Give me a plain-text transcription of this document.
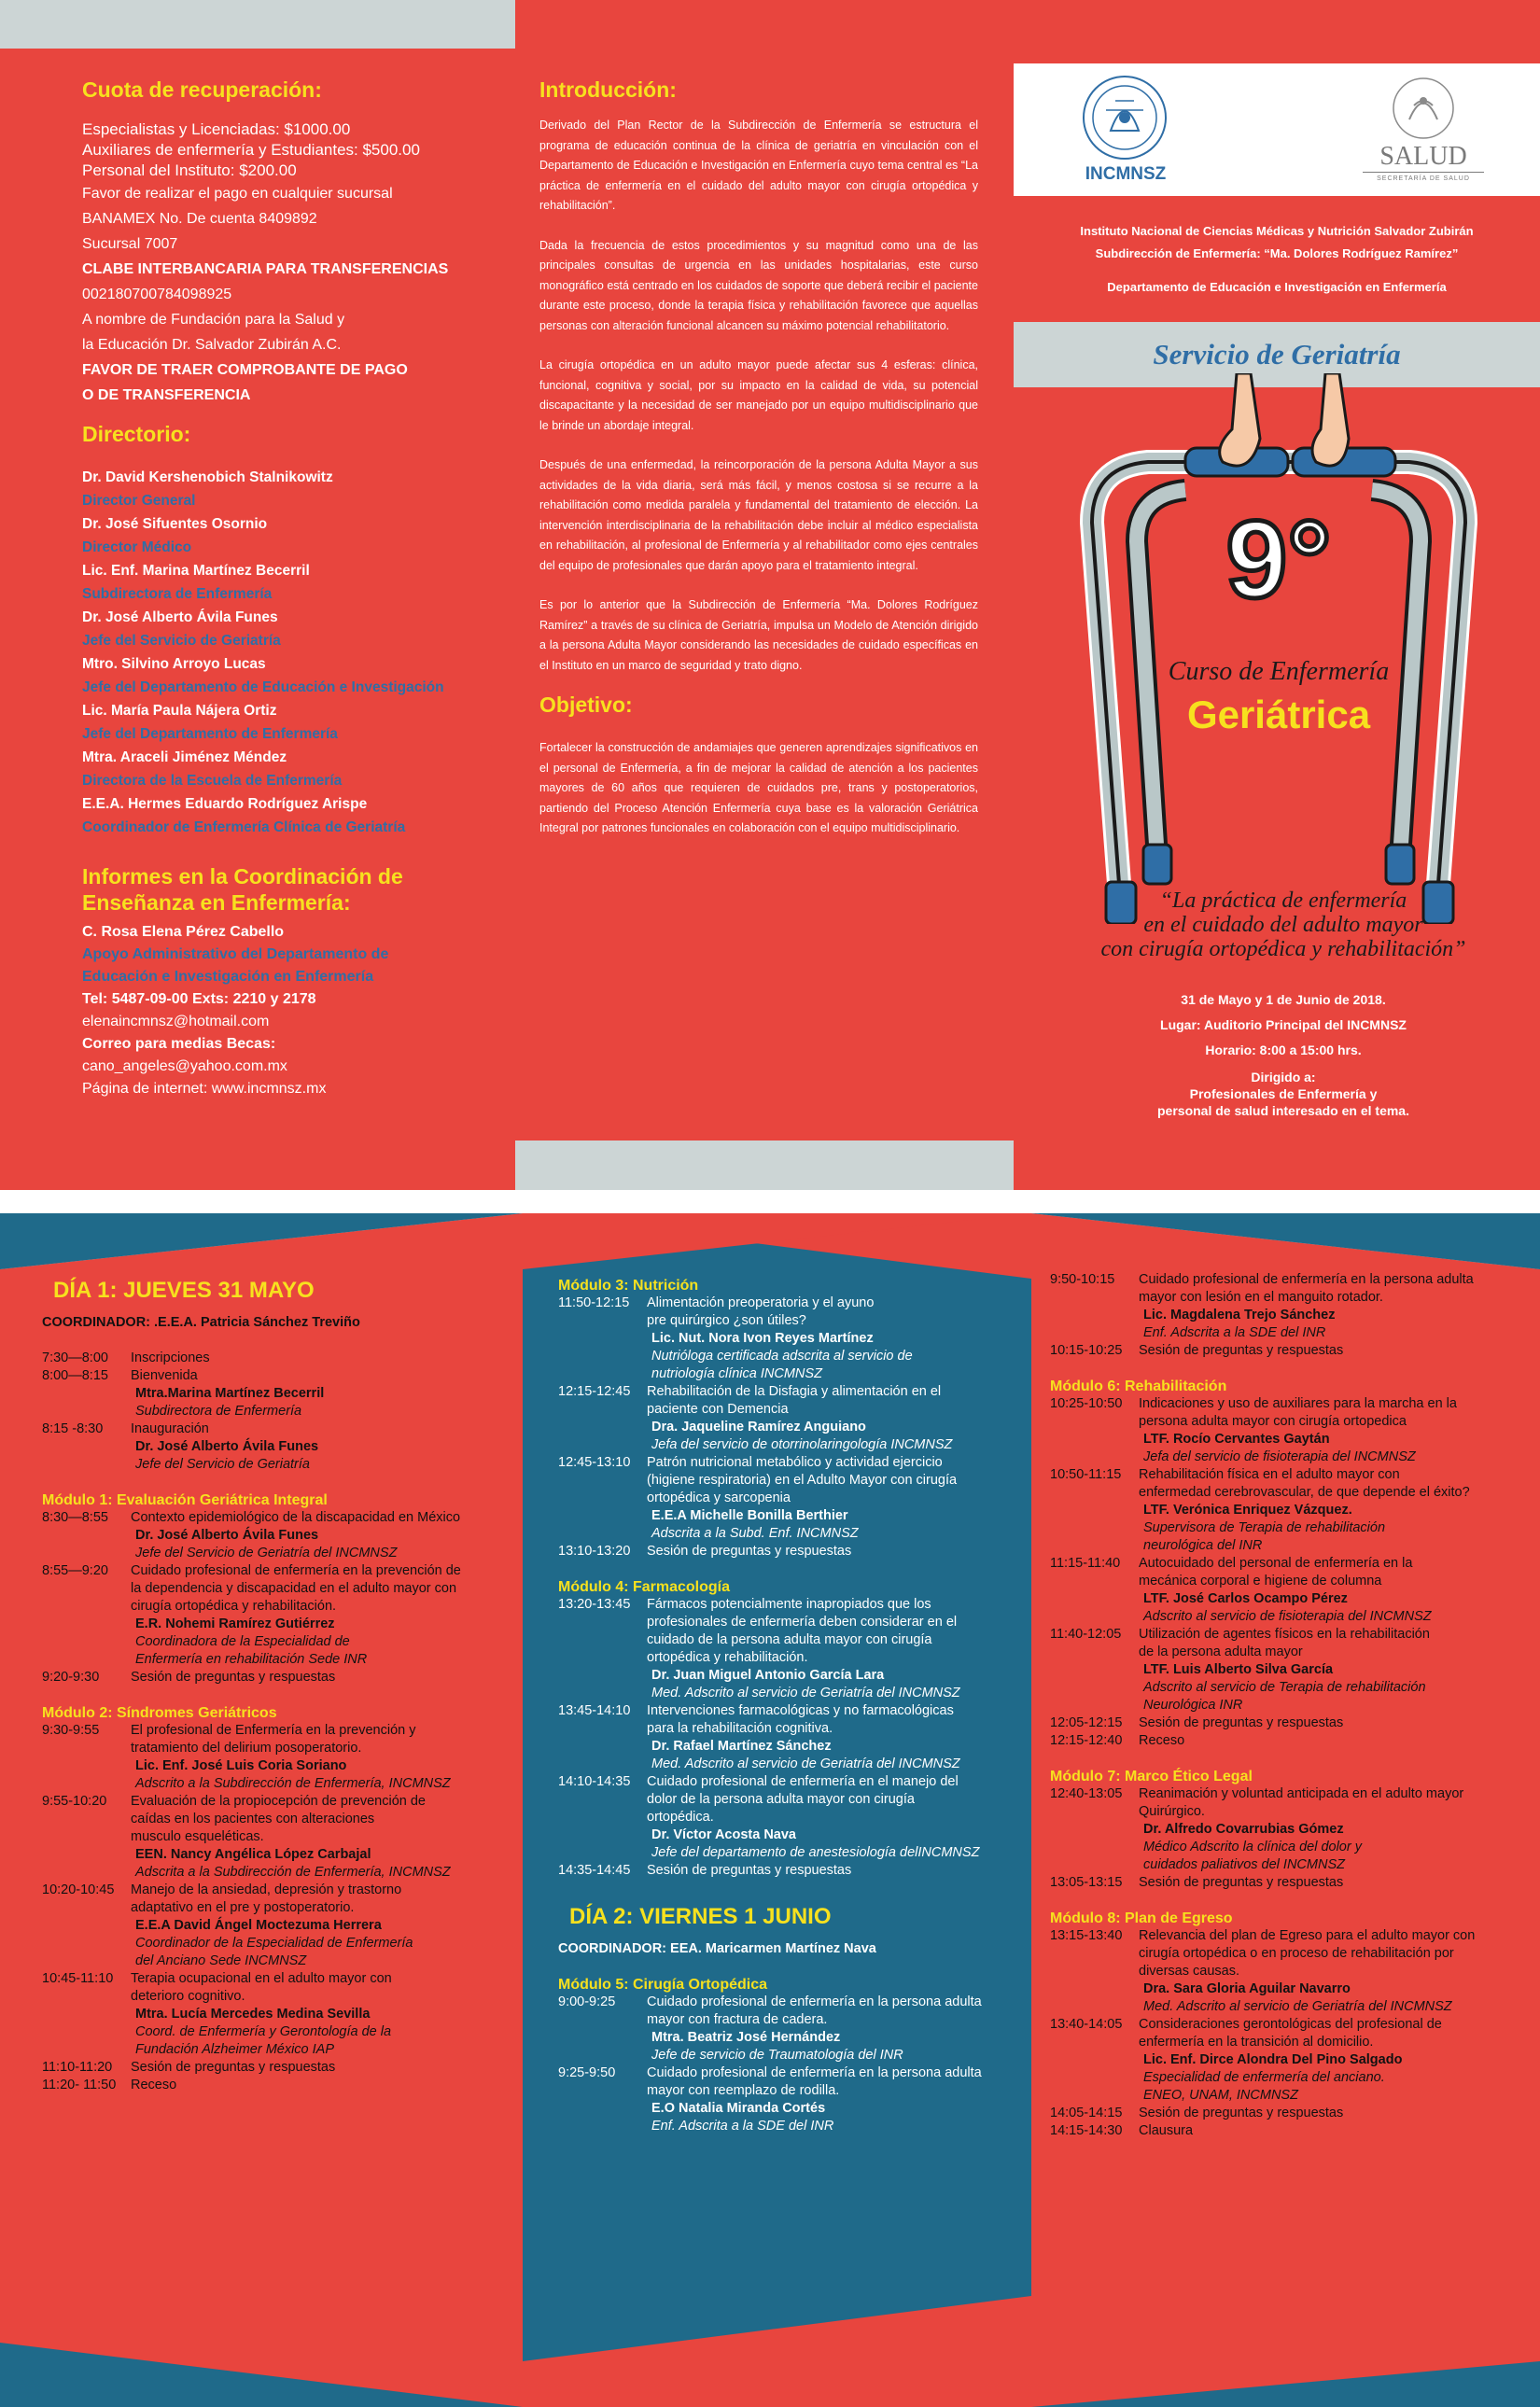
Cuota de recuperación:
Especialistas y Licenciadas: $1000.00
Auxiliares de enfermería y Estudiantes: $500.00
Personal del Instituto: $200.00
Favor de realizar el pago en cualquier sucursal
BANAMEX No. De cuenta 8409892
Sucursal 7007
CLABE INTERBANCARIA PARA TRANSFERENCIAS
002180700784098925
A nombre de Fundación para la Salud y
la Educación Dr. Salvador Zubirán A.C.
FAVOR DE TRAER COMPROBANTE DE PAGO
O DE TRANSFERENCIA
Directorio:
Dr. David Kershenobich Stalnikowitz
Director General
Dr. José Sifuentes Osornio
Director Médico
Lic. Enf. Marina Martínez Becerril
Subdirectora de Enfermería
Dr. José Alberto Ávila Funes
Jefe del Servicio de Geriatría
Mtro. Silvino Arroyo Lucas
Jefe del Departamento de Educación e Investigación
Lic. María Paula Nájera Ortiz
Jefe del Departamento de Enfermería
Mtra. Araceli Jiménez Méndez
Directora de la Escuela de Enfermería
E.E.A. Hermes Eduardo Rodríguez Arispe
Coordinador de Enfermería Clínica de Geriatría
Informes en la Coordinación de
Enseñanza en Enfermería:
C. Rosa Elena Pérez Cabello
Apoyo Administrativo del Departamento de
Educación e Investigación en Enfermería
Tel: 5487-09-00 Exts: 2210 y 2178
elenaincmnsz@hotmail.com
Correo para medias Becas:
cano_angeles@yahoo.com.mx
Página de internet: www.incmnsz.mx
Introducción:

Derivado del Plan Rector de la Subdirección de Enfermería se estructura el programa de educación continua de la clínica de geriatría en vinculación con el Departamento de Educación e Investigación en Enfermería cuyo tema central es “La práctica de enfermería en el cuidado del adulto mayor con cirugía ortopédica y rehabilitación”.

Dada la frecuencia de estos procedimientos y su magnitud como una de las principales consultas de urgencia en las unidades hospitalarias, este curso monográfico está centrado en los cuidados de soporte que deberá recibir el paciente durante este proceso, donde la terapia física y rehabilitación favorece que aquellas personas con alteración funcional alcancen su máximo potencial rehabilitatorio.

La cirugía ortopédica en un adulto mayor puede afectar sus 4 esferas: clínica, funcional, cognitiva y social, por su impacto en la calidad de vida, su potencial discapacitante y la necesidad de ser manejado por un equipo multidisciplinario que le brinde un abordaje integral.

Después de una enfermedad, la reincorporación de la persona Adulta Mayor a sus actividades de la vida diaria, será más fácil, y menos costosa si se recurre a la rehabilitación como medida paralela y fundamental del tratamiento de elección. La intervención interdisciplinaria de la rehabilitación debe incluir al médico especialista en rehabilitación, al profesional de Enfermería y al rehabilitador como ejes centrales del equipo de profesionales que darán apoyo para el tratamiento integral.

Es por lo anterior que la Subdirección de Enfermería “Ma. Dolores Rodríguez Ramírez” a través de su clínica de Geriatría, impulsa un Modelo de Atención dirigido a la persona Adulta Mayor considerando las necesidades de cuidado específicas en el Instituto en un marco de seguridad y trato digno.

Objetivo:

Fortalecer la construcción de andamiajes que generen aprendizajes significativos en el personal de Enfermería, a fin de mejorar la calidad de atención a los pacientes mayores de 60 años que requieren de cuidados pre, trans y postoperatorios, partiendo del Proceso Atención Enfermería cuya base es la valoración Geriátrica Integral por patrones funcionales en colaboración con el equipo multidisciplinario.

INCMNSZ
SALUD
SECRETARÍA DE SALUD
Instituto Nacional de Ciencias Médicas y Nutrición Salvador Zubirán
Subdirección de Enfermería: “Ma. Dolores Rodríguez Ramírez”
Departamento de Educación e Investigación en Enfermería
Servicio de Geriatría
9°
Curso de Enfermería
Geriátrica
“La práctica de enfermería
en el cuidado del adulto mayor
con cirugía ortopédica y rehabilitación”
31 de Mayo y 1 de Junio de 2018.
Lugar: Auditorio Principal del INCMNSZ
Horario: 8:00 a 15:00 hrs.
Dirigido a:
Profesionales de Enfermería y
personal de salud interesado en el tema.
DÍA 1: JUEVES 31 MAYO
COORDINADOR: .E.E.A. Patricia Sánchez Treviño
7:30—8:00 Inscripciones
8:00—8:15 Bienvenida
Mtra.Marina Martínez Becerril
Subdirectora de Enfermería
8:15 -8:30 Inauguración
Dr. José Alberto Ávila Funes
Jefe del Servicio de Geriatría
Módulo 1: Evaluación Geriátrica Integral
8:30—8:55 Contexto epidemiológico de la discapacidad en México
Dr. José Alberto Ávila Funes
Jefe del Servicio de Geriatría del INCMNSZ
8:55—9:20 Cuidado profesional de enfermería en la prevención de
la dependencia y discapacidad en el adulto mayor con
cirugía ortopédica y rehabilitación.
E.R. Nohemi Ramírez Gutiérrez
Coordinadora de la Especialidad de
Enfermería en rehabilitación Sede INR
9:20-9:30 Sesión de preguntas y respuestas
Módulo 2: Síndromes Geriátricos
9:30-9:55 El profesional de Enfermería en la prevención y
tratamiento del delirium posoperatorio.
Lic. Enf. José Luis Coria Soriano
Adscrito a la Subdirección de Enfermería, INCMNSZ
9:55-10:20 Evaluación de la propiocepción de prevención de
caídas en los pacientes con alteraciones
musculo esqueléticas.
EEN. Nancy Angélica López Carbajal
Adscrita a la Subdirección de Enfermería, INCMNSZ
10:20-10:45 Manejo de la ansiedad, depresión y trastorno
adaptativo en el pre y postoperatorio.
E.E.A David Ángel Moctezuma Herrera
Coordinador de la Especialidad de Enfermería
del Anciano Sede INCMNSZ
10:45-11:10 Terapia ocupacional en el adulto mayor con
deterioro cognitivo.
Mtra. Lucía Mercedes Medina Sevilla
Coord. de Enfermería y Gerontología de la
Fundación Alzheimer México IAP
11:10-11:20 Sesión de preguntas y respuestas
11:20- 11:50 Receso
Módulo 3: Nutrición
11:50-12:15 Alimentación preoperatoria y el ayuno
pre quirúrgico ¿son útiles?
Lic. Nut. Nora Ivon Reyes Martínez
Nutrióloga certificada adscrita al servicio de
nutriología clínica INCMNSZ
12:15-12:45 Rehabilitación de la Disfagia y alimentación en el
paciente con Demencia
Dra. Jaqueline Ramírez Anguiano
Jefa del servicio de otorrinolaringología INCMNSZ
12:45-13:10 Patrón nutricional metabólico y actividad ejercicio
(higiene respiratoria) en el Adulto Mayor con cirugía
ortopédica y sarcopenia
E.E.A Michelle Bonilla Berthier
Adscrita a la Subd. Enf. INCMNSZ
13:10-13:20 Sesión de preguntas y respuestas
Módulo 4: Farmacología
13:20-13:45 Fármacos potencialmente inapropiados que los
profesionales de enfermería deben considerar en el
cuidado de la persona adulta mayor con cirugía
ortopédica y rehabilitación.
Dr. Juan Miguel Antonio García Lara
Med. Adscrito al servicio de Geriatría del INCMNSZ
13:45-14:10 Intervenciones farmacológicas y no farmacológicas
para la rehabilitación cognitiva.
Dr. Rafael Martínez Sánchez
Med. Adscrito al servicio de Geriatría del INCMNSZ
14:10-14:35 Cuidado profesional de enfermería en el manejo del
dolor de la persona adulta mayor con cirugía
ortopédica.
Dr. Víctor Acosta Nava
Jefe del departamento de anestesiología delINCMNSZ
14:35-14:45 Sesión de preguntas y respuestas
DÍA 2: VIERNES 1 JUNIO
COORDINADOR: EEA. Maricarmen Martínez Nava
Módulo 5: Cirugía Ortopédica
9:00-9:25 Cuidado profesional de enfermería en la persona adulta
mayor con fractura de cadera.
Mtra. Beatriz José Hernández
Jefe de servicio de Traumatología del INR
9:25-9:50 Cuidado profesional de enfermería en la persona adulta
mayor con reemplazo de rodilla.
E.O Natalia Miranda Cortés
Enf. Adscrita a la SDE del INR
9:50-10:15 Cuidado profesional de enfermería en la persona adulta
mayor con lesión en el manguito rotador.
Lic. Magdalena Trejo Sánchez
Enf. Adscrita a la SDE del INR
10:15-10:25 Sesión de preguntas y respuestas
Módulo 6: Rehabilitación
10:25-10:50 Indicaciones y uso de auxiliares para la marcha en la
persona adulta mayor con cirugía ortopedica
LTF. Rocío Cervantes Gaytán
Jefa del servicio de fisioterapia del INCMNSZ
10:50-11:15 Rehabilitación física en el adulto mayor con
enfermedad cerebrovascular, de que depende el éxito?
LTF. Verónica Enriquez Vázquez.
Supervisora de Terapia de rehabilitación
neurológica del INR
11:15-11:40 Autocuidado del personal de enfermería en la
mecánica corporal e higiene de columna
LTF. José Carlos Ocampo Pérez
Adscrito al servicio de fisioterapia del INCMNSZ
11:40-12:05 Utilización de agentes físicos en la rehabilitación
de la persona adulta mayor
LTF. Luis Alberto Silva García
Adscrito al servicio de Terapia de rehabilitación
Neurológica INR
12:05-12:15 Sesión de preguntas y respuestas
12:15-12:40 Receso
Módulo 7: Marco Ético Legal
12:40-13:05 Reanimación y voluntad anticipada en el adulto mayor
Quirúrgico.
Dr. Alfredo Covarrubias Gómez
Médico Adscrito la clínica del dolor y
cuidados paliativos del INCMNSZ
13:05-13:15 Sesión de preguntas y respuestas
Módulo 8: Plan de Egreso
13:15-13:40 Relevancia del plan de Egreso para el adulto mayor con
cirugía ortopédica o en proceso de rehabilitación por
diversas causas.
Dra. Sara Gloria Aguilar Navarro
Med. Adscrito al servicio de Geriatría del INCMNSZ
13:40-14:05 Consideraciones gerontológicas del profesional de
enfermería en la transición al domicilio.
Lic. Enf. Dirce Alondra Del Pino Salgado
Especialidad de enfermería del anciano.
ENEO, UNAM, INCMNSZ
14:05-14:15 Sesión de preguntas y respuestas
14:15-14:30 Clausura
